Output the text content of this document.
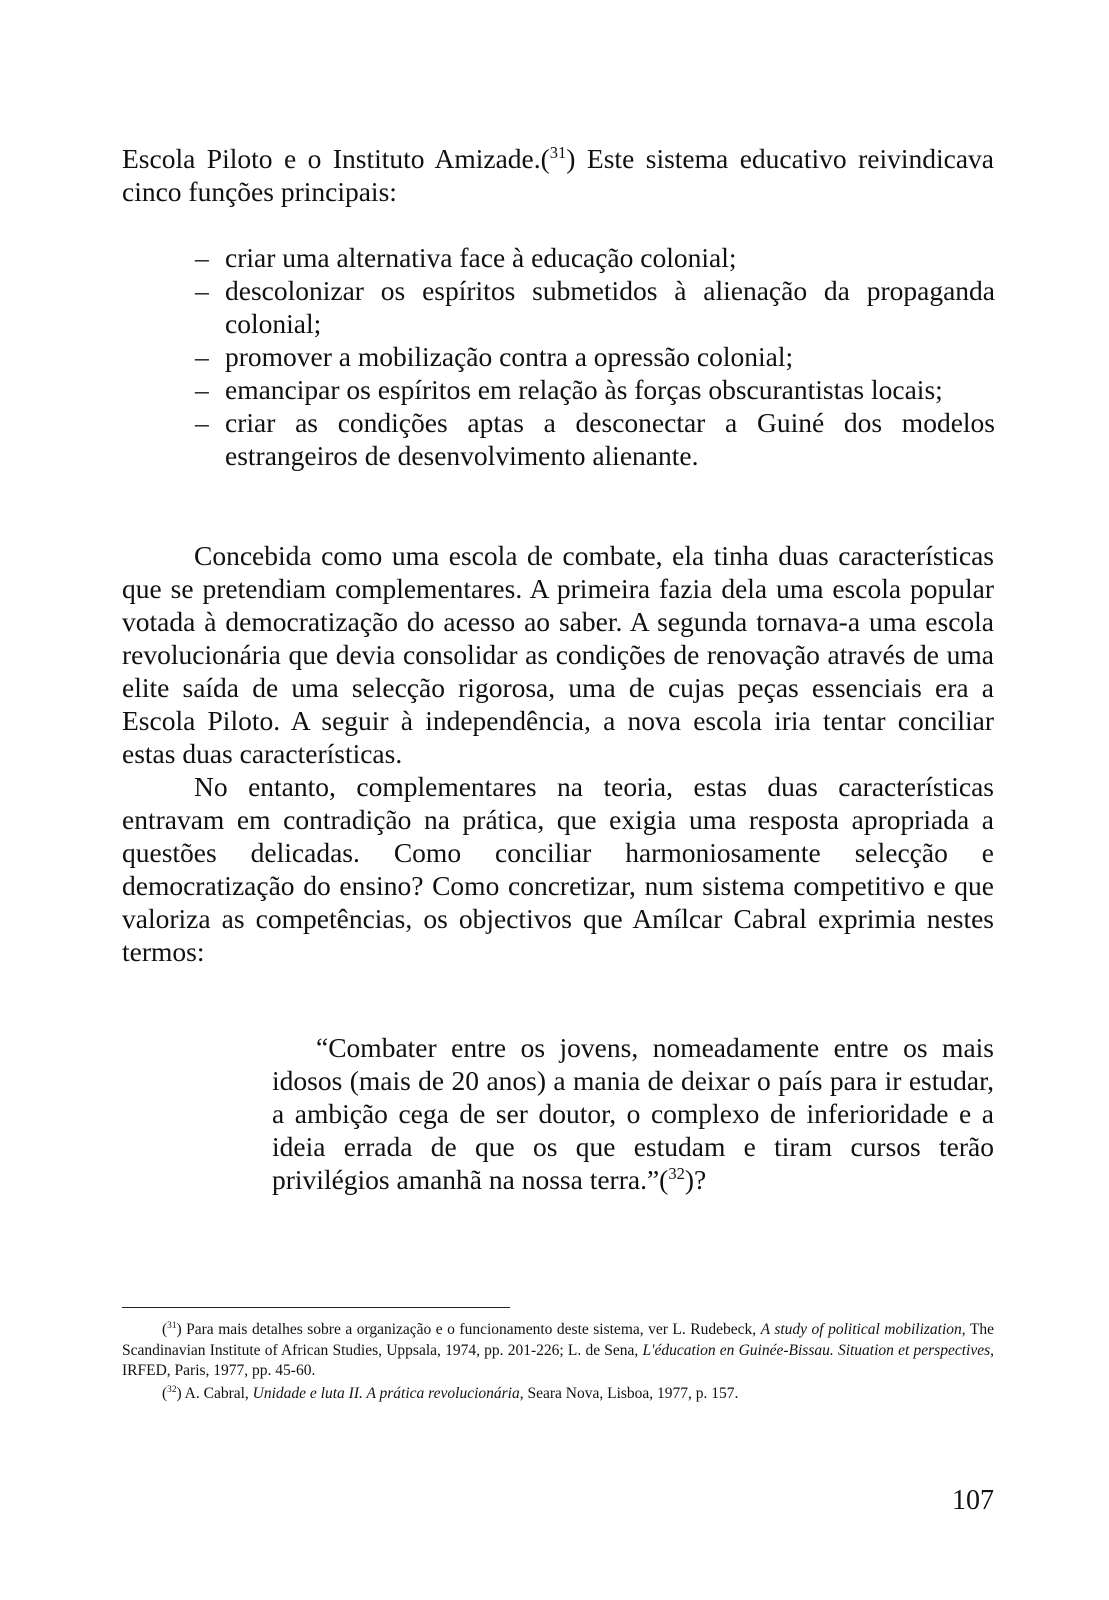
Escola Piloto e o Instituto Amizade.($^{31}$) Este sistema educativo reivindicava cinco funções principais:

– criar uma alternativa face à educação colonial;
– descolonizar os espíritos submetidos à alienação da propaganda colonial;
– promover a mobilização contra a opressão colonial;
– emancipar os espíritos em relação às forças obscurantistas locais;
– criar as condições aptas a desconectar a Guiné dos modelos estrangeiros de desenvolvimento alienante.

Concebida como uma escola de combate, ela tinha duas características que se pretendiam complementares. A primeira fazia dela uma escola popular votada à democratização do acesso ao saber. A segunda tornava-a uma escola revolucionária que devia consolidar as condições de renovação através de uma elite saída de uma selecção rigorosa, uma de cujas peças essenciais era a Escola Piloto. A seguir à independência, a nova escola iria tentar conciliar estas duas características.

No entanto, complementares na teoria, estas duas características entravam em contradição na prática, que exigia uma resposta apropriada a questões delicadas. Como conciliar harmoniosamente selecção e democratização do ensino? Como concretizar, num sistema competitivo e que valoriza as competências, os objectivos que Amílcar Cabral exprimia nestes termos:

“Combater entre os jovens, nomeadamente entre os mais idosos (mais de 20 anos) a mania de deixar o país para ir estudar, a ambição cega de ser doutor, o complexo de inferioridade e a ideia errada de que os que estudam e tiram cursos terão privilégios amanhã na nossa terra.”($^{32}$)?

($^{31}$) Para mais detalhes sobre a organização e o funcionamento deste sistema, ver L. Rudebeck, A study of political mobilization, The Scandinavian Institute of African Studies, Uppsala, 1974, pp. 201-226; L. de Sena, L'éducation en Guinée-Bissau. Situation et perspectives, IRFED, Paris, 1977, pp. 45-60.

($^{32}$) A. Cabral, Unidade e luta II. A prática revolucionária, Seara Nova, Lisboa, 1977, p. 157.

107
